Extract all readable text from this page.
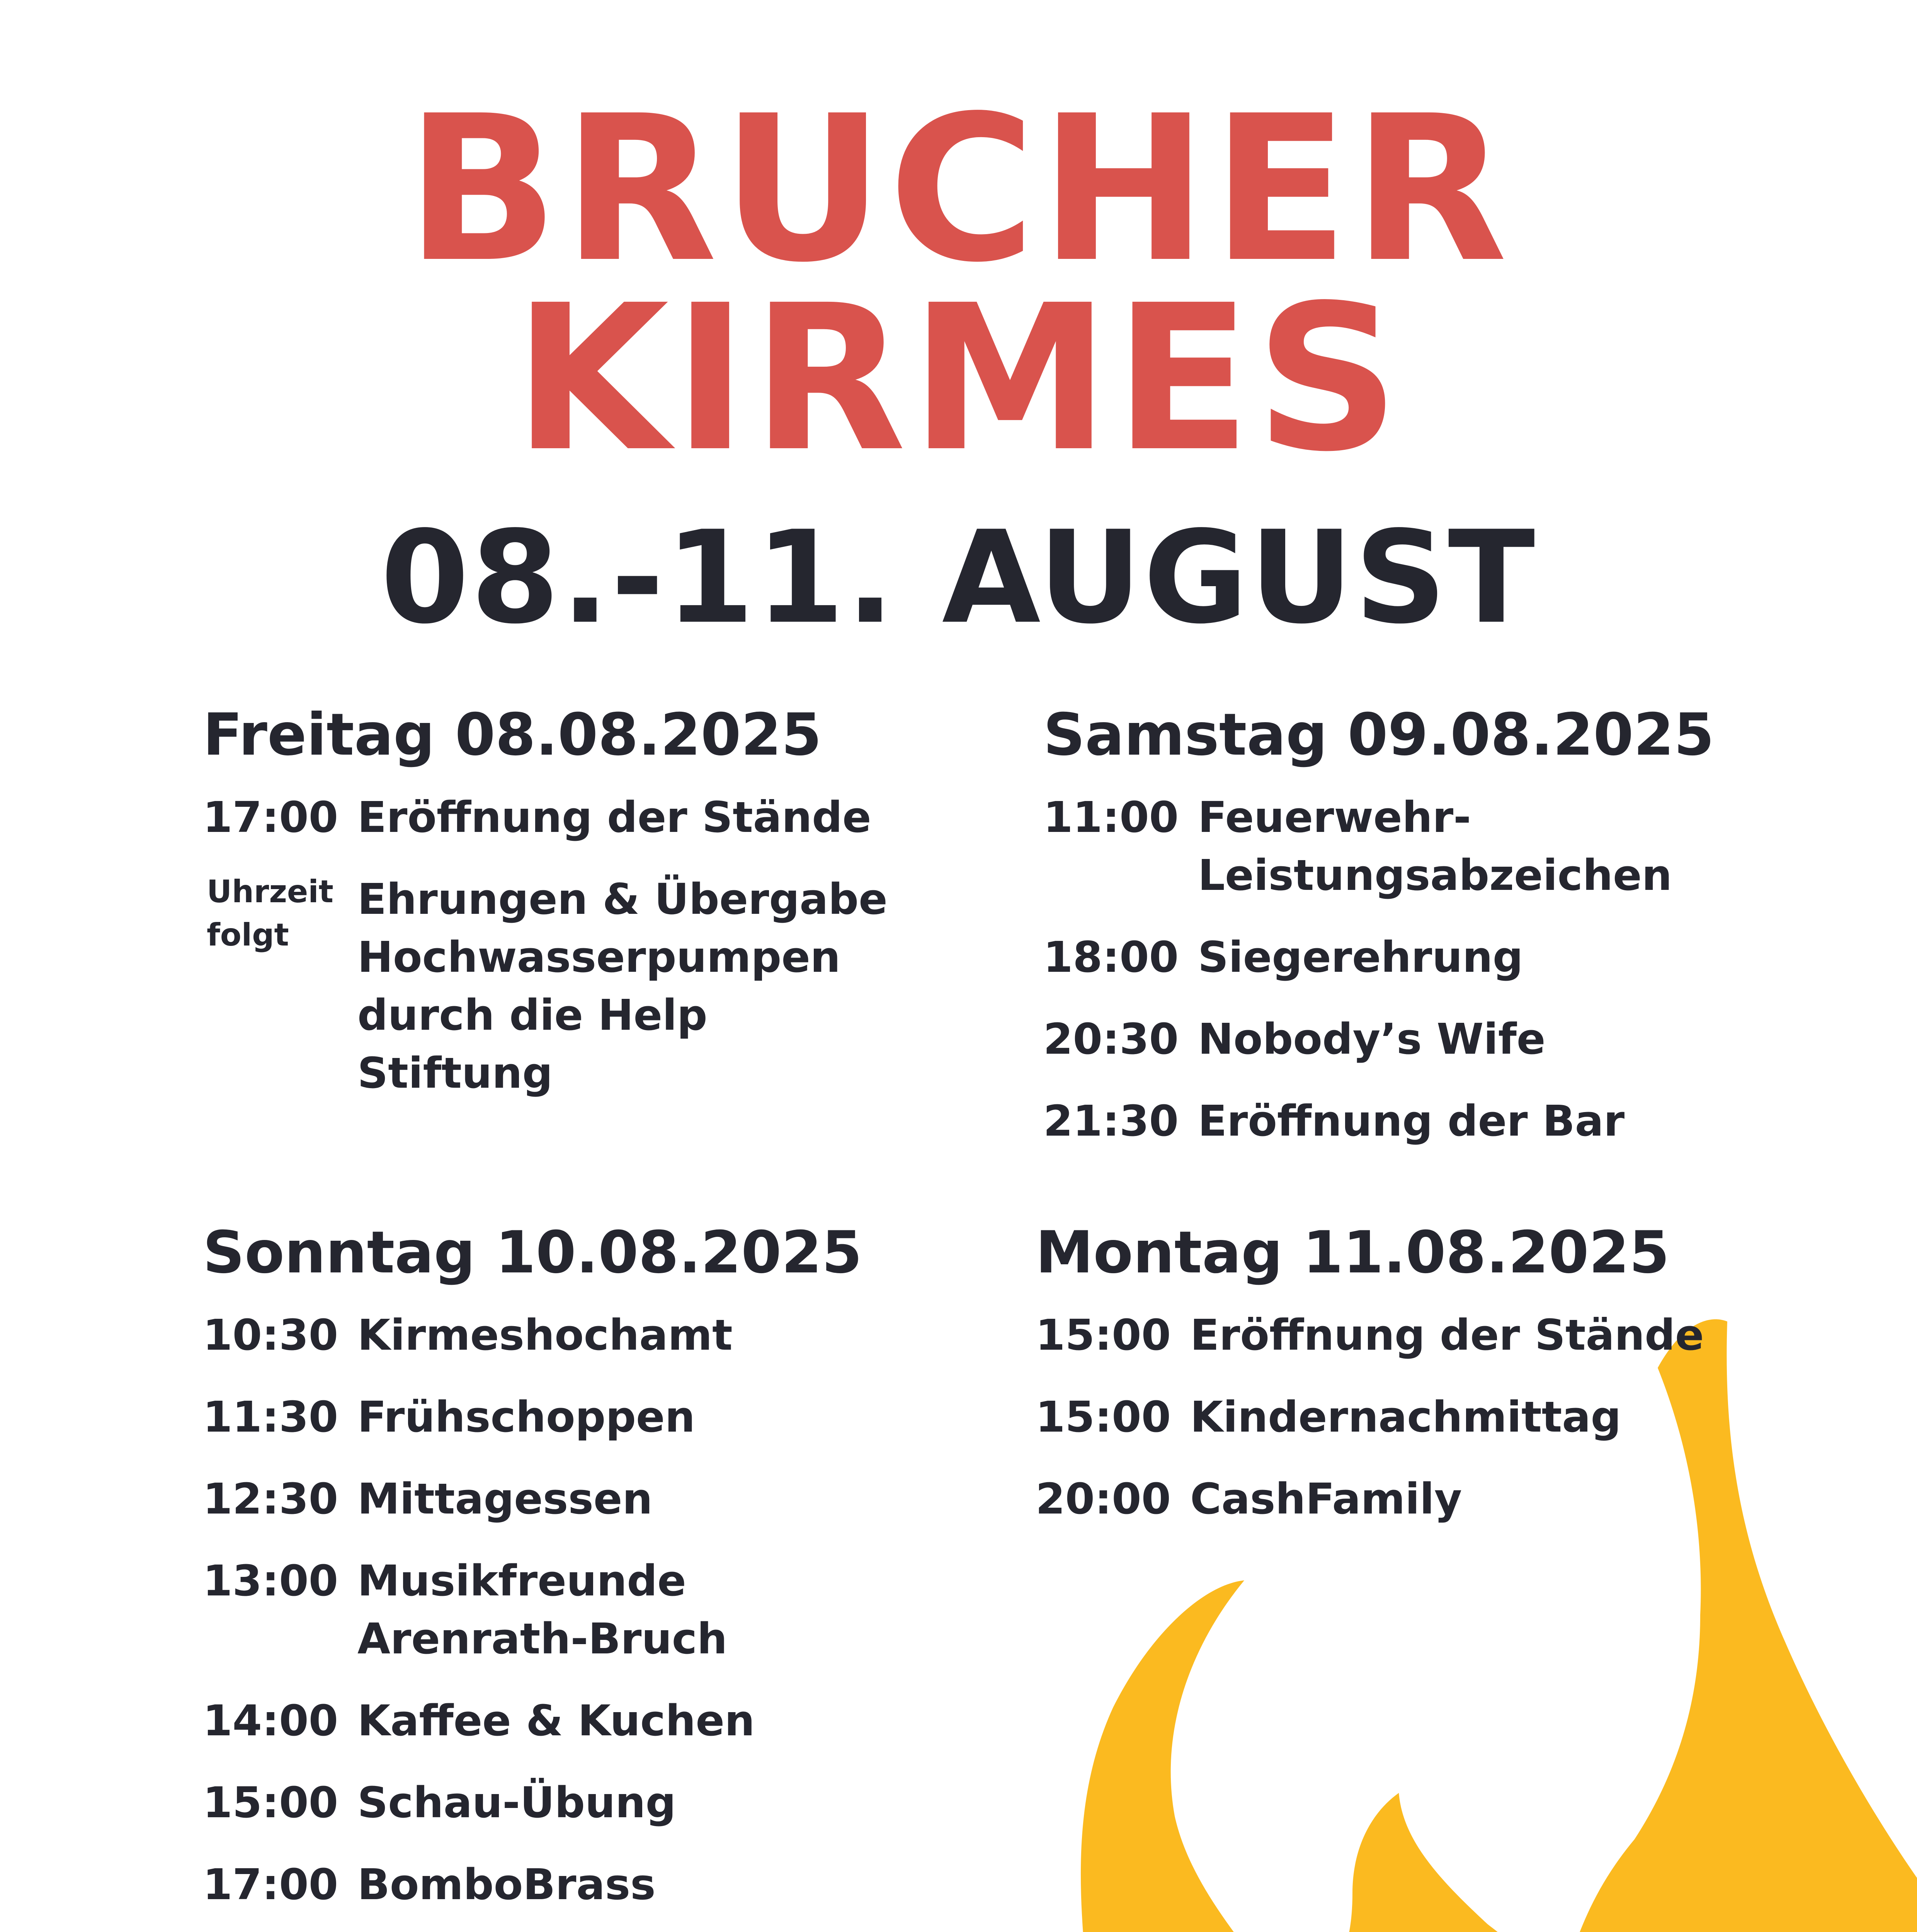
BRUCHER
KIRMES
08.-11. AUGUST
Freitag 08.08.2025
17:00 Eröffnung der Stände
Uhrzeit folgt
Ehrungen & Übergabe Hochwasserpumpen durch die Help Stiftung
Samstag 09.08.2025
11:00 Feuerwehr-Leistungsabzeichen
18:00 Siegerehrung
20:30 Nobody’s Wife
21:30 Eröffnung der Bar
Sonntag 10.08.2025
10:30 Kirmeshochamt
11:30 Frühschoppen
12:30 Mittagessen
13:00 Musikfreunde Arenrath-Bruch
14:00 Kaffee & Kuchen
15:00 Schau-Übung
17:00 BomboBrass
Montag 11.08.2025
15:00 Eröffnung der Stände
15:00 Kindernachmittag
20:00 CashFamily
